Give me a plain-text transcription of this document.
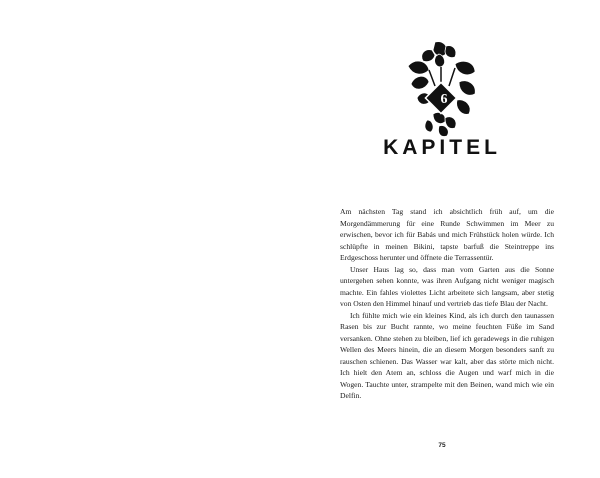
6
KAPITEL

Am nächsten Tag stand ich absichtlich früh auf, um die Morgendämmerung für eine Runde Schwimmen im Meer zu erwischen, bevor ich für Babás und mich Frühstück holen würde. Ich schlüpfte in meinen Bikini, tapste barfuß die Steintreppe ins Erdgeschoss herunter und öffnete die Terrassentür.

Unser Haus lag so, dass man vom Garten aus die Sonne untergehen sehen konnte, was ihren Aufgang nicht weniger magisch machte. Ein fahles violettes Licht arbeitete sich langsam, aber stetig von Osten den Himmel hinauf und vertrieb das tiefe Blau der Nacht.

Ich fühlte mich wie ein kleines Kind, als ich durch den taunassen Rasen bis zur Bucht rannte, wo meine feuchten Füße im Sand versanken. Ohne stehen zu bleiben, lief ich geradewegs in die ruhigen Wellen des Meers hinein, die an diesem Morgen besonders sanft zu rauschen schienen. Das Wasser war kalt, aber das störte mich nicht. Ich hielt den Atem an, schloss die Augen und warf mich in die Wogen. Tauchte unter, strampelte mit den Beinen, wand mich wie ein Delfin.

75
